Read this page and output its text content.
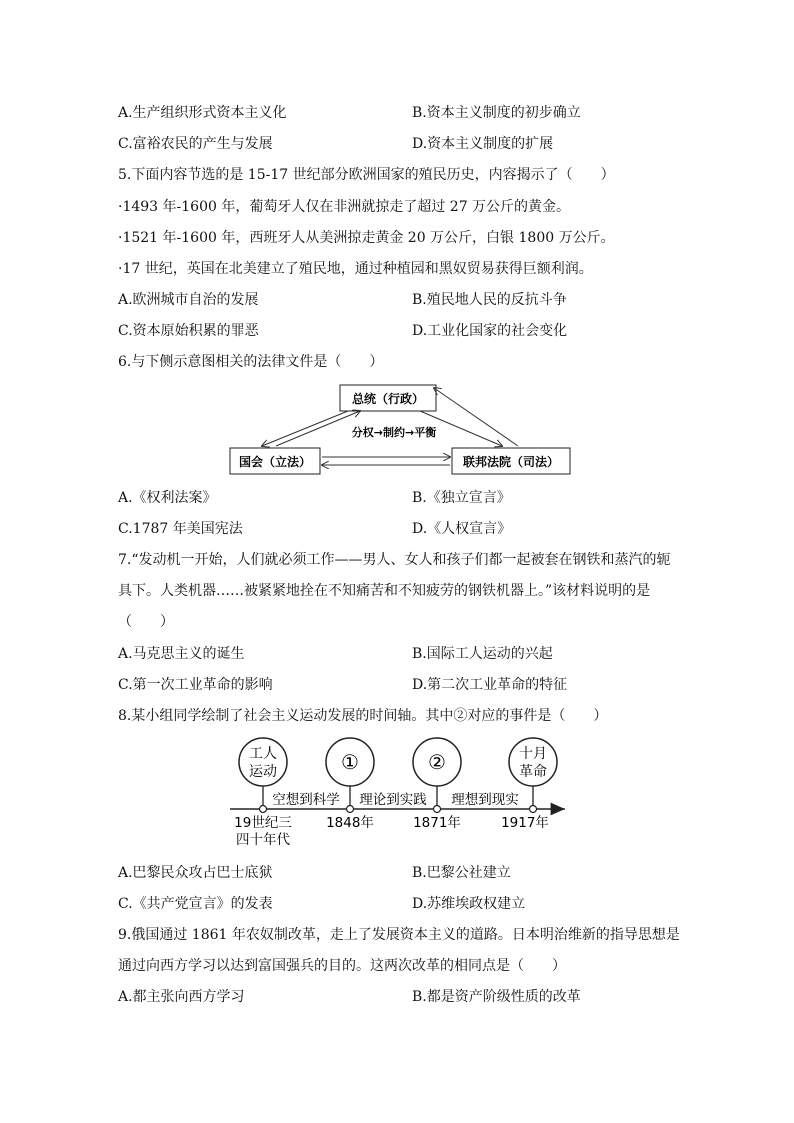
A.生产组织形式资本主义化	B.资本主义制度的初步确立
C.富裕农民的产生与发展	D.资本主义制度的扩展
5.下面内容节选的是 15-17 世纪部分欧洲国家的殖民历史，内容揭示了（　　）
·1493 年-1600 年，葡萄牙人仅在非洲就掠走了超过 27 万公斤的黄金。
·1521 年-1600 年，西班牙人从美洲掠走黄金 20 万公斤，白银 1800 万公斤。
·17 世纪，英国在北美建立了殖民地，通过种植园和黑奴贸易获得巨额利润。
A.欧洲城市自治的发展	B.殖民地人民的反抗斗争
C.资本原始积累的罪恶	D.工业化国家的社会变化
6.与下侧示意图相关的法律文件是（　　）
总统（行政）
国会（立法）	联邦法院（司法）
分权→制约→平衡
A.《权利法案》	B.《独立宣言》
C.1787 年美国宪法	D.《人权宣言》
7.“发动机一开始，人们就必须工作——男人、女人和孩子们都一起被套在钢铁和蒸汽的轭
具下。人类机器……被紧紧地拴在不知痛苦和不知疲劳的钢铁机器上。”该材料说明的是
（　　）
A.马克思主义的诞生	B.国际工人运动的兴起
C.第一次工业革命的影响	D.第二次工业革命的特征
8.某小组同学绘制了社会主义运动发展的时间轴。其中②对应的事件是（　　）
工人
运动	①	②	十月
革命
空想到科学 理论到实践 理想到现实
19世纪三
四十年代
1848年	1871年	1917年
A.巴黎民众攻占巴士底狱	B.巴黎公社建立
C.《共产党宣言》的发表	D.苏维埃政权建立
9.俄国通过 1861 年农奴制改革，走上了发展资本主义的道路。日本明治维新的指导思想是
通过向西方学习以达到富国强兵的目的。这两次改革的相同点是（　　）
A.都主张向西方学习	B.都是资产阶级性质的改革
